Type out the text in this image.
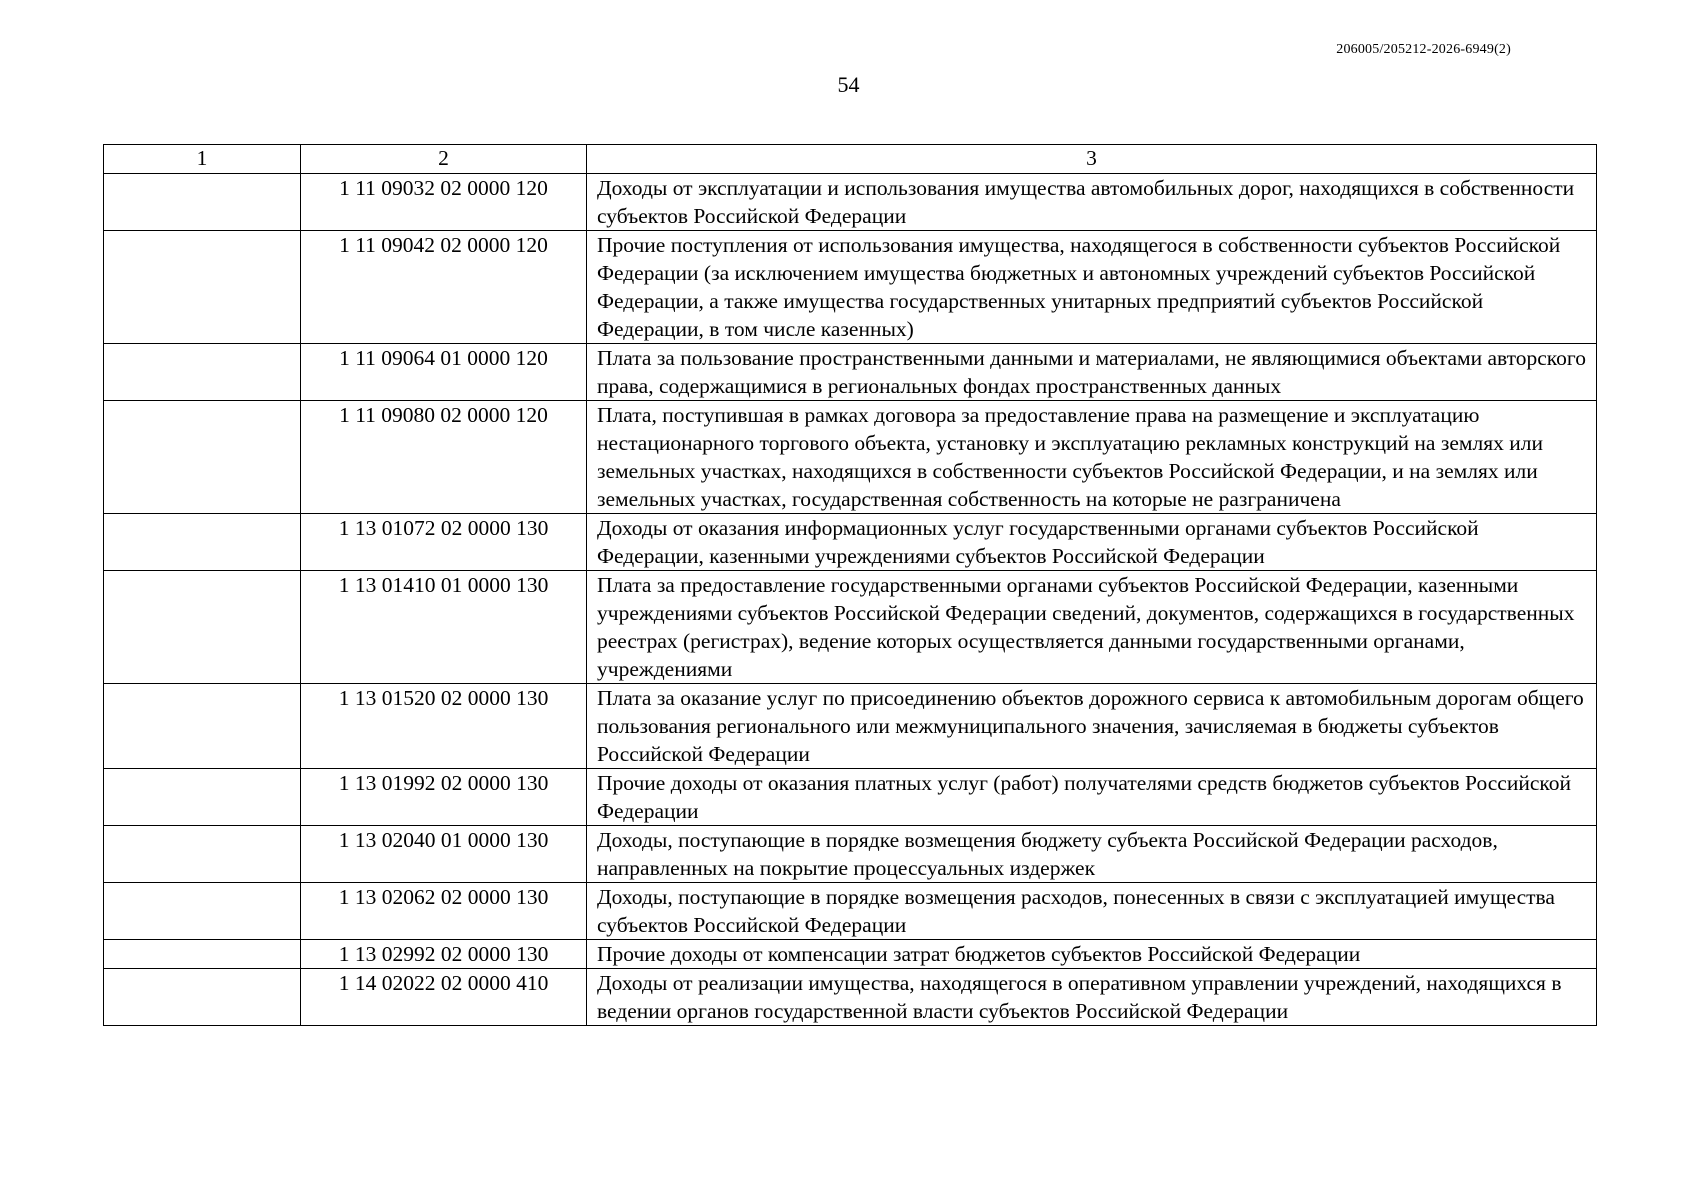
206005/205212-2026-6949(2)
54
1	2	3
	1 11 09032 02 0000 120	Доходы от эксплуатации и использования имущества автомобильных дорог, находящихся в собственности субъектов Российской Федерации
	1 11 09042 02 0000 120	Прочие поступления от использования имущества, находящегося в собственности субъектов Российской Федерации (за исключением имущества бюджетных и автономных учреждений субъектов Российской Федерации, а также имущества государственных унитарных предприятий субъектов Российской Федерации, в том числе казенных)
	1 11 09064 01 0000 120	Плата за пользование пространственными данными и материалами, не являющимися объектами авторского права, содержащимися в региональных фондах пространственных данных
	1 11 09080 02 0000 120	Плата, поступившая в рамках договора за предоставление права на размещение и эксплуатацию нестационарного торгового объекта, установку и эксплуатацию рекламных конструкций на землях или земельных участках, находящихся в собственности субъектов Российской Федерации, и на землях или земельных участках, государственная собственность на которые не разграничена
	1 13 01072 02 0000 130	Доходы от оказания информационных услуг государственными органами субъектов Российской Федерации, казенными учреждениями субъектов Российской Федерации
	1 13 01410 01 0000 130	Плата за предоставление государственными органами субъектов Российской Федерации, казенными учреждениями субъектов Российской Федерации сведений, документов, содержащихся в государственных реестрах (регистрах), ведение которых осуществляется данными государственными органами, учреждениями
	1 13 01520 02 0000 130	Плата за оказание услуг по присоединению объектов дорожного сервиса к автомобильным дорогам общего пользования регионального или межмуниципального значения, зачисляемая в бюджеты субъектов Российской Федерации
	1 13 01992 02 0000 130	Прочие доходы от оказания платных услуг (работ) получателями средств бюджетов субъектов Российской Федерации
	1 13 02040 01 0000 130	Доходы, поступающие в порядке возмещения бюджету субъекта Российской Федерации расходов, направленных на покрытие процессуальных издержек
	1 13 02062 02 0000 130	Доходы, поступающие в порядке возмещения расходов, понесенных в связи с эксплуатацией имущества субъектов Российской Федерации
	1 13 02992 02 0000 130	Прочие доходы от компенсации затрат бюджетов субъектов Российской Федерации
	1 14 02022 02 0000 410	Доходы от реализации имущества, находящегося в оперативном управлении учреждений, находящихся в ведении органов государственной власти субъектов Российской Федерации
